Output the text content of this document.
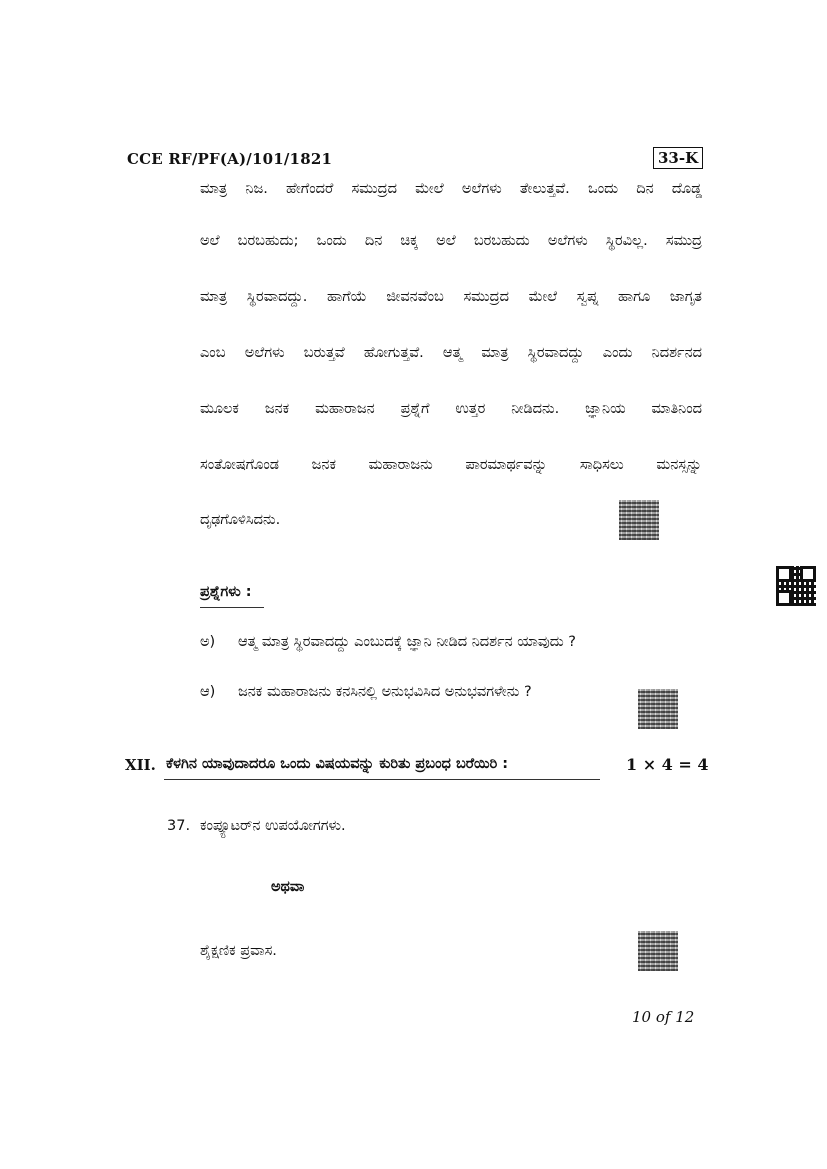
CCE RF/PF(A)/101/1821	33-K
ಮಾತ್ರ ನಿಜ. ಹೇಗೆಂದರೆ ಸಮುದ್ರದ ಮೇಲೆ ಅಲೆಗಳು ತೇಲುತ್ತವೆ. ಒಂದು ದಿನ ದೊಡ್ಡ
ಅಲೆ ಬರಬಹುದು; ಒಂದು ದಿನ ಚಿಕ್ಕ ಅಲೆ ಬರಬಹುದು ಅಲೆಗಳು ಸ್ಥಿರವಿಲ್ಲ. ಸಮುದ್ರ
ಮಾತ್ರ ಸ್ಥಿರವಾದದ್ದು. ಹಾಗೆಯೆ ಜೀವನವೆಂಬ ಸಮುದ್ರದ ಮೇಲೆ ಸ್ವಪ್ನ ಹಾಗೂ ಜಾಗೃತ
ಎಂಬ ಅಲೆಗಳು ಬರುತ್ತವೆ ಹೋಗುತ್ತವೆ. ಆತ್ಮ ಮಾತ್ರ ಸ್ಥಿರವಾದದ್ದು ಎಂದು ನಿದರ್ಶನದ
ಮೂಲಕ ಜನಕ ಮಹಾರಾಜನ ಪ್ರಶ್ನೆಗೆ ಉತ್ತರ ನೀಡಿದನು. ಜ್ಞಾನಿಯ ಮಾತಿನಿಂದ
ಸಂತೋಷಗೊಂಡ ಜನಕ ಮಹಾರಾಜನು ಪಾರಮಾರ್ಥವನ್ನು ಸಾಧಿಸಲು ಮನಸ್ಸನ್ನು
ದೃಢಗೊಳಿಸಿದನು.
ಪ್ರಶ್ನೆಗಳು :
ಅ) ಆತ್ಮ ಮಾತ್ರ ಸ್ಥಿರವಾದದ್ದು ಎಂಬುದಕ್ಕೆ ಜ್ಞಾನಿ ನೀಡಿದ ನಿದರ್ಶನ ಯಾವುದು ?
ಆ) ಜನಕ ಮಹಾರಾಜನು ಕನಸಿನಲ್ಲಿ ಅನುಭವಿಸಿದ ಅನುಭವಗಳೇನು ?
XII. ಕೆಳಗಿನ ಯಾವುದಾದರೂ ಒಂದು ವಿಷಯವನ್ನು ಕುರಿತು ಪ್ರಬಂಧ ಬರೆಯಿರಿ :	1 × 4 = 4
37. ಕಂಪ್ಯೂಟರ್‌ನ ಉಪಯೋಗಗಳು.
ಅಥವಾ
ಶೈಕ್ಷಣಿಕ ಪ್ರವಾಸ.
10 of 12
